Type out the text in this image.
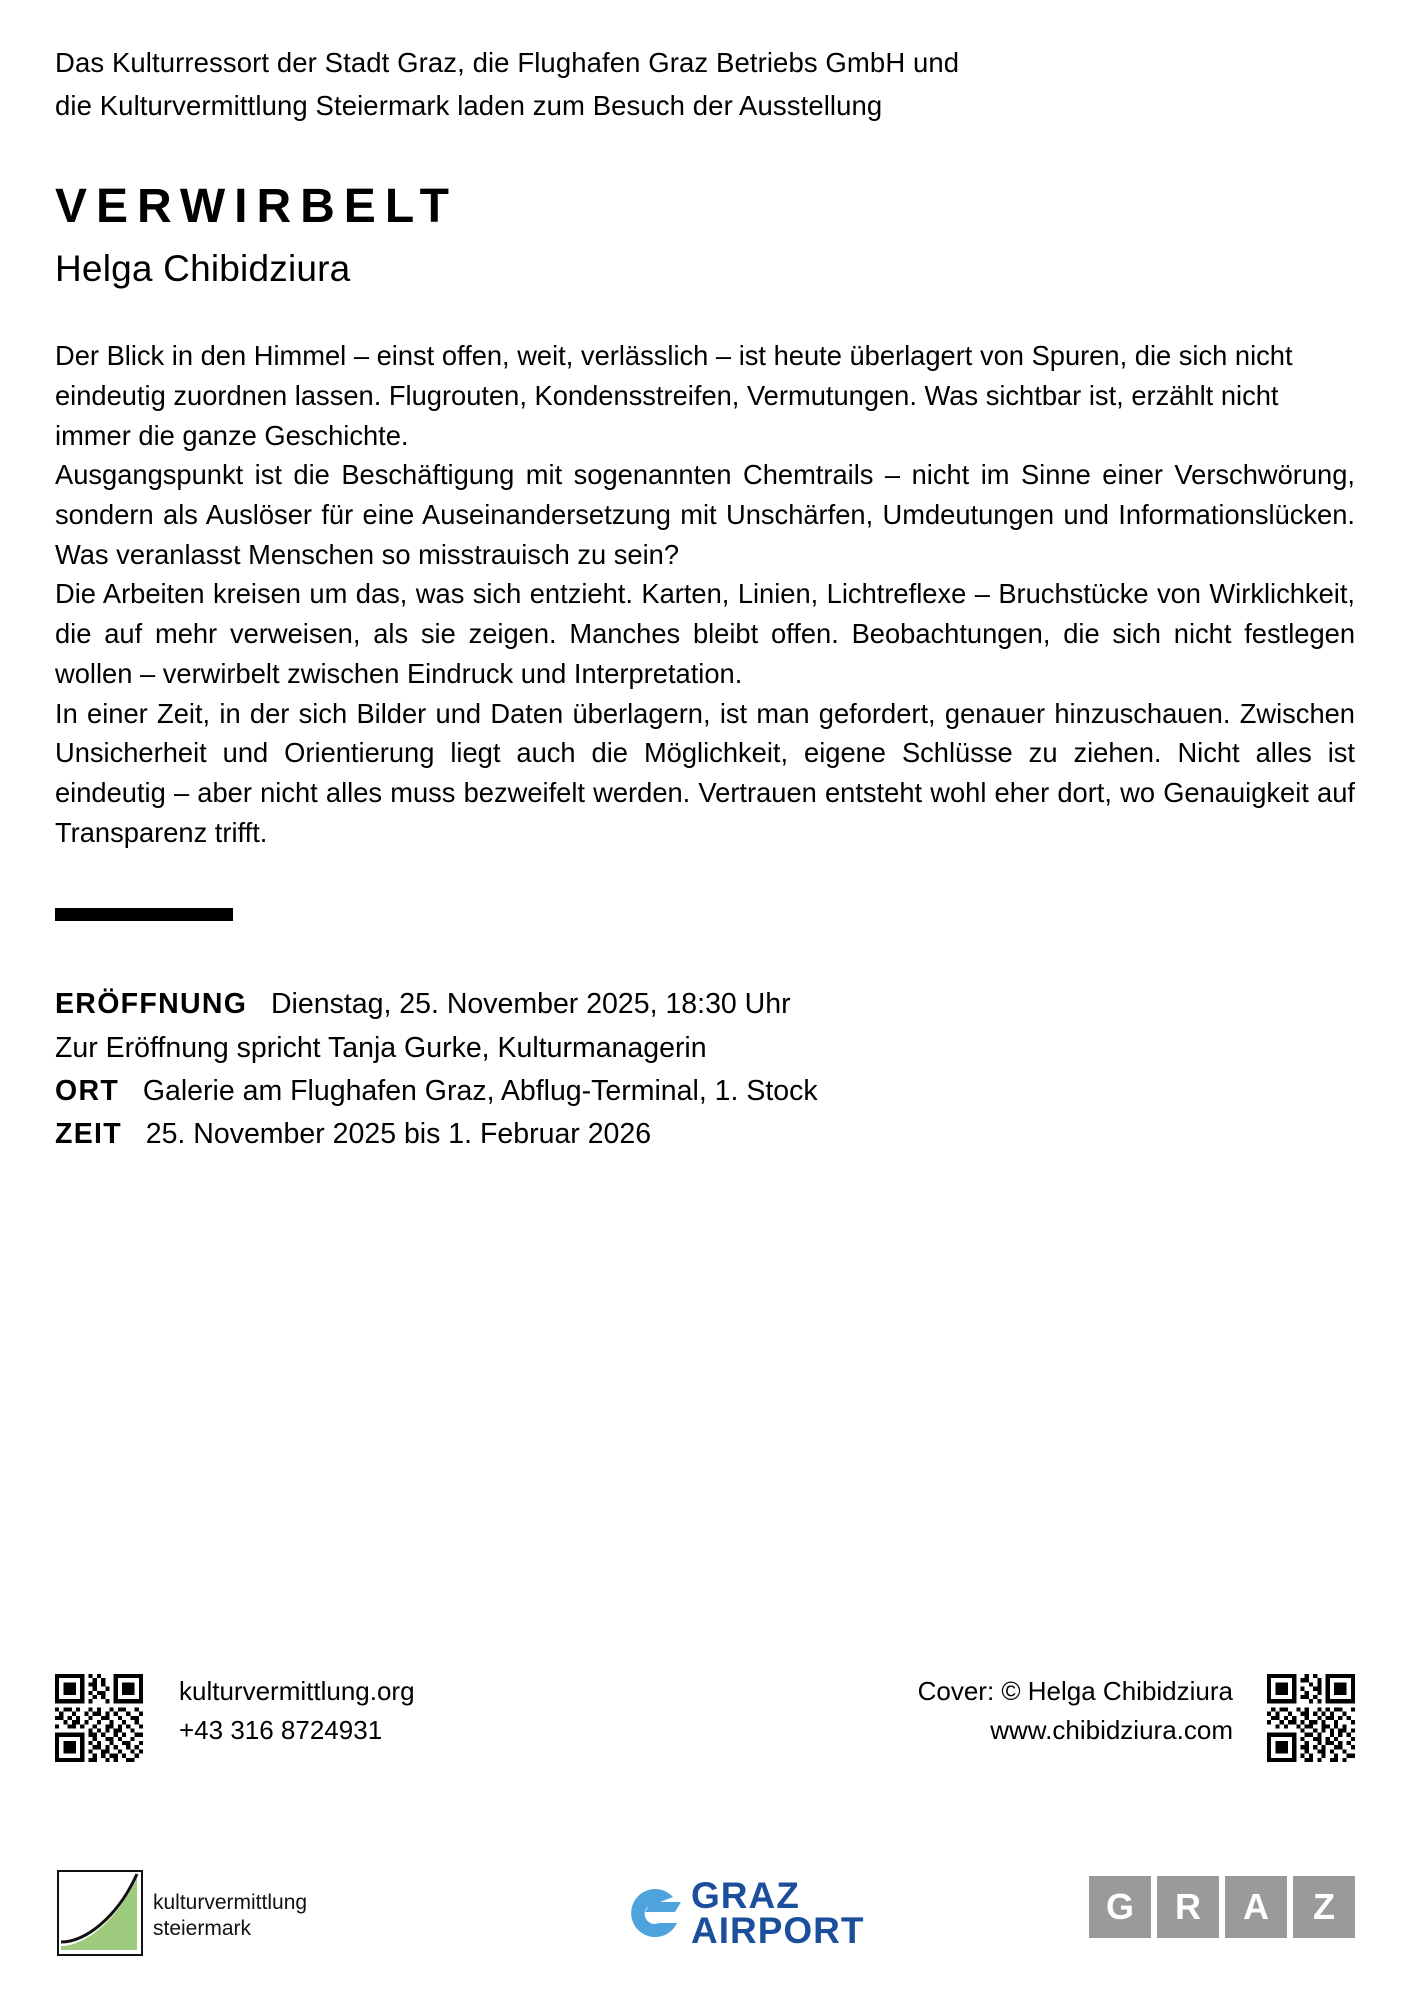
Das Kulturressort der Stadt Graz, die Flughafen Graz Betriebs GmbH und
die Kulturvermittlung Steiermark laden zum Besuch der Ausstellung
VERWIRBELT
Helga Chibidziura

Der Blick in den Himmel – einst offen, weit, verlässlich – ist heute überlagert von Spuren, die sich nicht eindeutig zuordnen lassen. Flugrouten, Kondensstreifen, Vermutungen. Was sichtbar ist, erzählt nicht immer die ganze Geschichte.

Ausgangspunkt ist die Beschäftigung mit sogenannten Chemtrails – nicht im Sinne einer Verschwörung, sondern als Auslöser für eine Auseinandersetzung mit Unschärfen, Umdeutungen und Informationslücken. Was veranlasst Menschen so misstrauisch zu sein?

Die Arbeiten kreisen um das, was sich entzieht. Karten, Linien, Lichtreflexe – Bruchstücke von Wirklichkeit, die auf mehr verweisen, als sie zeigen. Manches bleibt offen. Beobachtungen, die sich nicht festlegen wollen – verwirbelt zwischen Eindruck und Interpretation.

In einer Zeit, in der sich Bilder und Daten überlagern, ist man gefordert, genauer hinzuschauen. Zwischen Unsicherheit und Orientierung liegt auch die Möglichkeit, eigene Schlüsse zu ziehen. Nicht alles ist eindeutig – aber nicht alles muss bezweifelt werden. Vertrauen entsteht wohl eher dort, wo Genauigkeit auf Transparenz trifft.

ERÖFFNUNG Dienstag, 25. November 2025, 18:30 Uhr
Zur Eröffnung spricht Tanja Gurke, Kulturmanagerin
ORT Galerie am Flughafen Graz, Abflug-Terminal, 1. Stock
ZEIT 25. November 2025 bis 1. Februar 2026
kulturvermittlung.org
+43 316 8724931
Cover: © Helga Chibidziura
www.chibidziura.com
kulturvermittlung
steiermark
GRAZ
AIRPORT
G	R	A	Z
